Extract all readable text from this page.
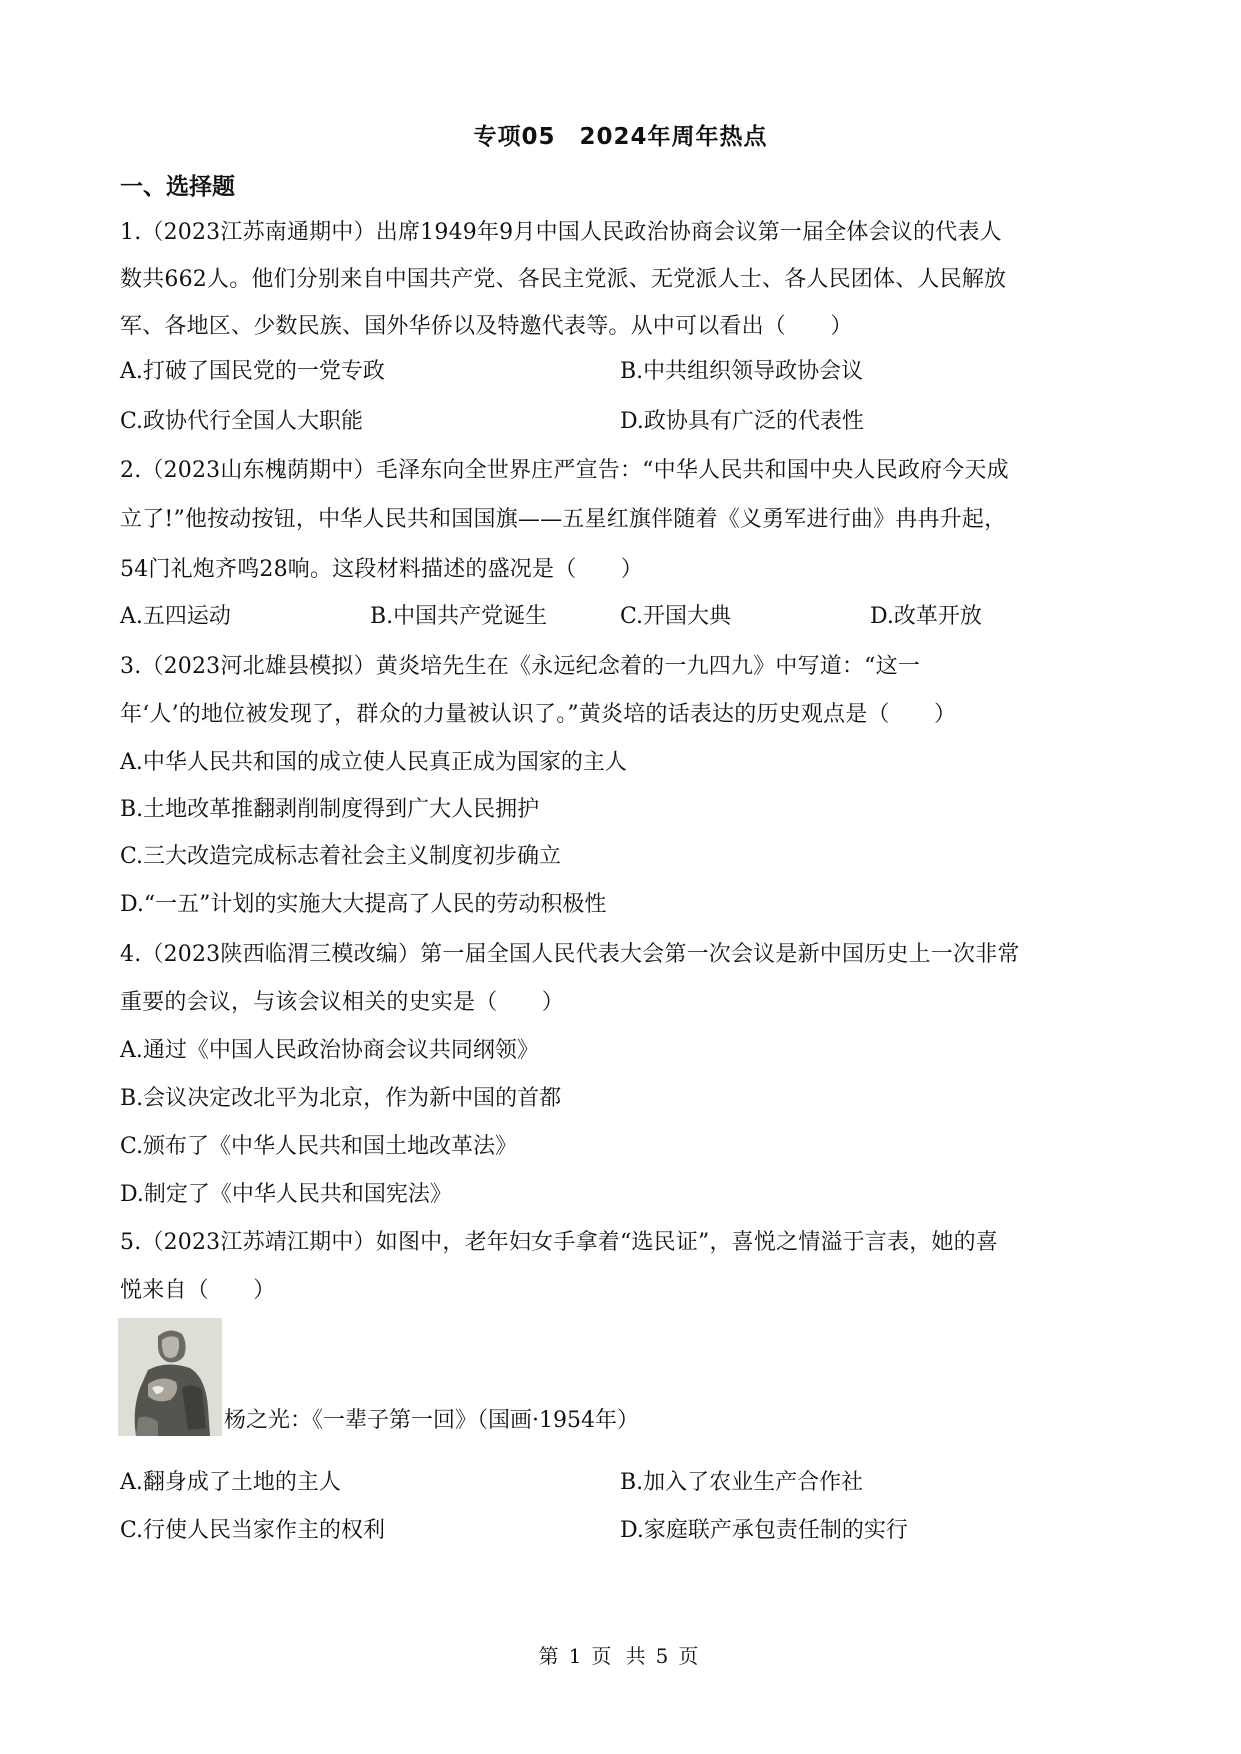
专项05　2024年周年热点
一、选择题
1.（2023江苏南通期中）出席1949年9月中国人民政治协商会议第一届全体会议的代表人
数共662人。他们分别来自中国共产党、各民主党派、无党派人士、各人民团体、人民解放
军、各地区、少数民族、国外华侨以及特邀代表等。从中可以看出（　　）
A.打破了国民党的一党专政	B.中共组织领导政协会议
C.政协代行全国人大职能	D.政协具有广泛的代表性
2.（2023山东槐荫期中）毛泽东向全世界庄严宣告：“中华人民共和国中央人民政府今天成
立了!”他按动按钮，中华人民共和国国旗——五星红旗伴随着《义勇军进行曲》冉冉升起，
54门礼炮齐鸣28响。这段材料描述的盛况是（　　）
A.五四运动	B.中国共产党诞生	C.开国大典	D.改革开放
3.（2023河北雄县模拟）黄炎培先生在《永远纪念着的一九四九》中写道：“这一
年‘人’的地位被发现了，群众的力量被认识了。”黄炎培的话表达的历史观点是（　　）
A.中华人民共和国的成立使人民真正成为国家的主人
B.土地改革推翻剥削制度得到广大人民拥护
C.三大改造完成标志着社会主义制度初步确立
D.“一五”计划的实施大大提高了人民的劳动积极性
4.（2023陕西临渭三模改编）第一届全国人民代表大会第一次会议是新中国历史上一次非常
重要的会议，与该会议相关的史实是（　　）
A.通过《中国人民政治协商会议共同纲领》
B.会议决定改北平为北京，作为新中国的首都
C.颁布了《中华人民共和国土地改革法》
D.制定了《中华人民共和国宪法》
5.（2023江苏靖江期中）如图中，老年妇女手拿着“选民证”，喜悦之情溢于言表，她的喜
悦来自（　　）
杨之光：《一辈子第一回》（国画·1954年）
A.翻身成了土地的主人	B.加入了农业生产合作社
C.行使人民当家作主的权利	D.家庭联产承包责任制的实行
第 1 页 共 5 页
